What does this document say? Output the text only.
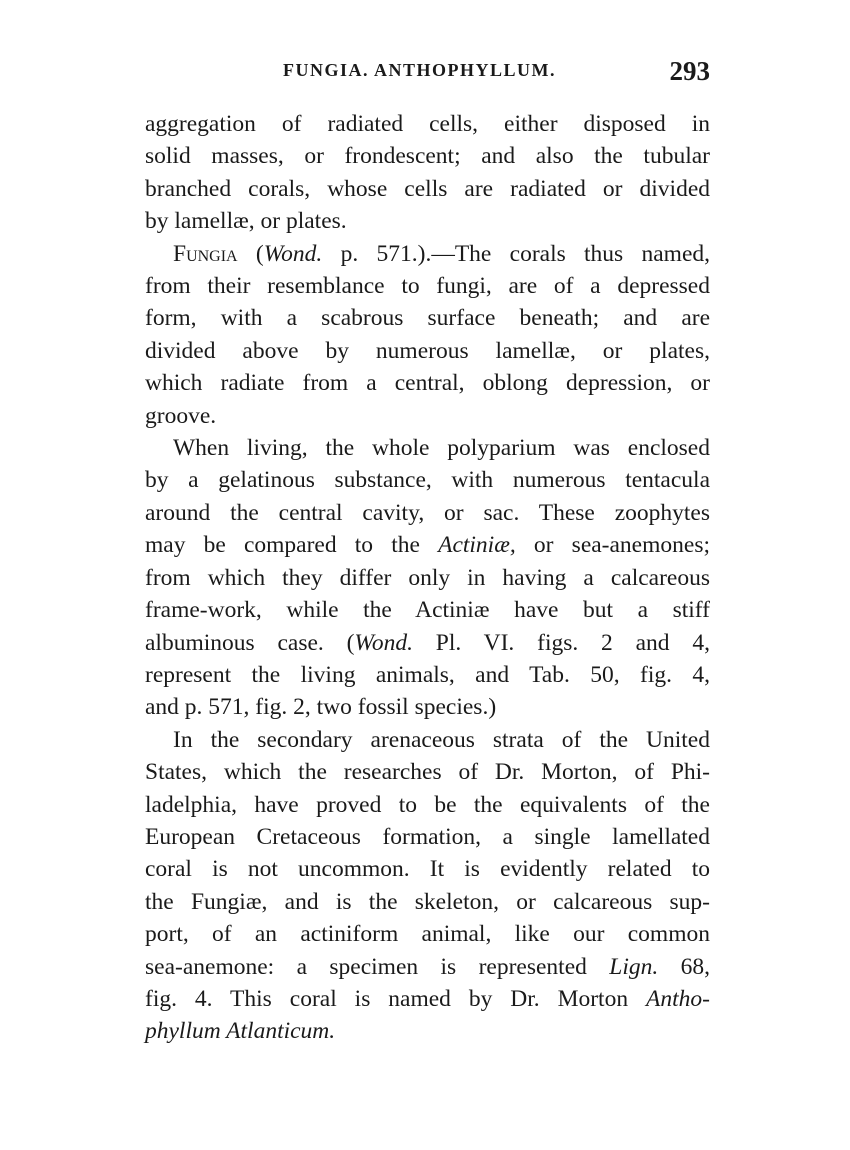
FUNGIA. ANTHOPHYLLUM.	293

aggregation of radiated cells, either disposed in
solid masses, or frondescent; and also the tubular
branched corals, whose cells are radiated or divided
by lamellæ, or plates.

Fungia (Wond. p. 571.).—The corals thus named,
from their resemblance to fungi, are of a depressed
form, with a scabrous surface beneath; and are
divided above by numerous lamellæ, or plates,
which radiate from a central, oblong depression, or
groove.

When living, the whole polyparium was enclosed
by a gelatinous substance, with numerous tentacula
around the central cavity, or sac. These zoophytes
may be compared to the Actiniæ, or sea-anemones;
from which they differ only in having a calcareous
frame-work, while the Actiniæ have but a stiff
albuminous case. (Wond. Pl. VI. figs. 2 and 4,
represent the living animals, and Tab. 50, fig. 4,
and p. 571, fig. 2, two fossil species.)

In the secondary arenaceous strata of the United
States, which the researches of Dr. Morton, of Phi-
ladelphia, have proved to be the equivalents of the
European Cretaceous formation, a single lamellated
coral is not uncommon. It is evidently related to
the Fungiæ, and is the skeleton, or calcareous sup-
port, of an actiniform animal, like our common
sea-anemone: a specimen is represented Lign. 68,
fig. 4. This coral is named by Dr. Morton Antho-
phyllum Atlanticum.
